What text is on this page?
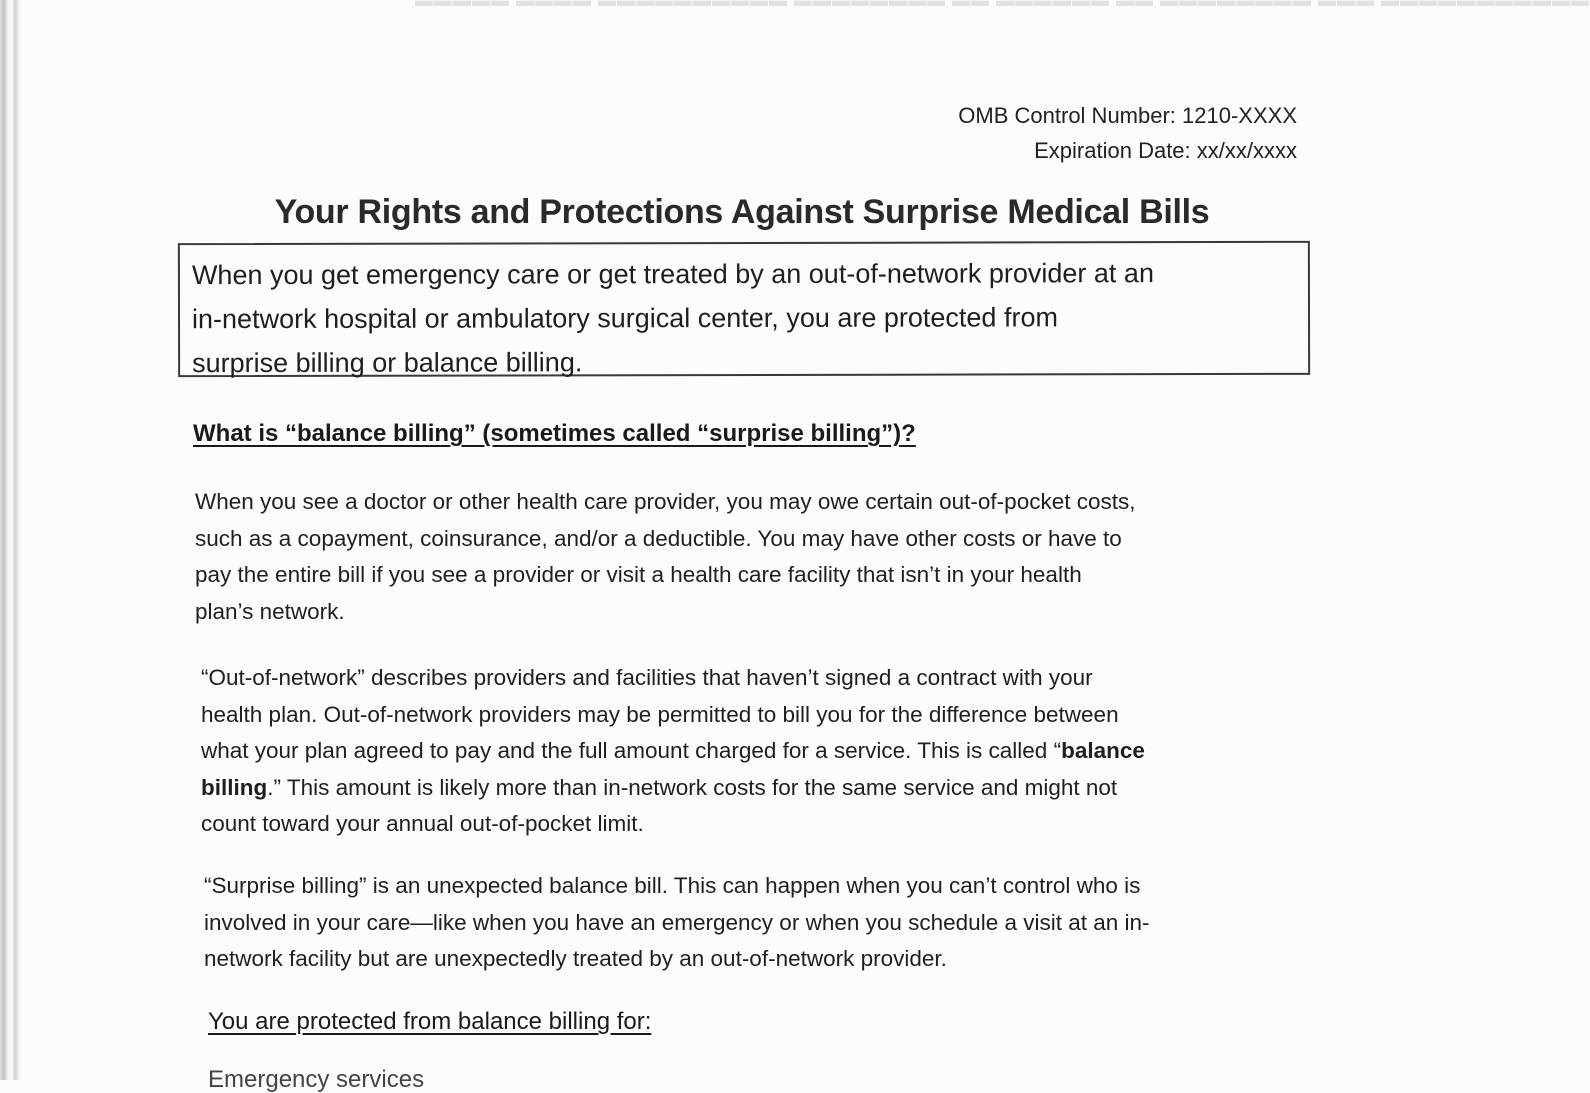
▬▬▬▬▬ ▬▬▬▬ ▬▬▬▬▬▬▬▬▬▬ ▬▬▬▬▬▬▬▬ ▬▬ ▬▬▬▬▬▬ ▬▬ ▬▬▬▬▬▬▬▬ ▬▬▬ ▬▬▬▬▬▬▬▬▬▬▬
OMB Control Number: 1210-XXXX
Expiration Date: xx/xx/xxxx
Your Rights and Protections Against Surprise Medical Bills
When you get emergency care or get treated by an out-of-network provider at an
in-network hospital or ambulatory surgical center, you are protected from
surprise billing or balance billing.
What is “balance billing” (sometimes called “surprise billing”)?
When you see a doctor or other health care provider, you may owe certain out-of-pocket costs,
such as a copayment, coinsurance, and/or a deductible. You may have other costs or have to
pay the entire bill if you see a provider or visit a health care facility that isn’t in your health
plan’s network.
“Out-of-network” describes providers and facilities that haven’t signed a contract with your
health plan. Out-of-network providers may be permitted to bill you for the difference between
what your plan agreed to pay and the full amount charged for a service. This is called “balance
billing.” This amount is likely more than in-network costs for the same service and might not
count toward your annual out-of-pocket limit.
“Surprise billing” is an unexpected balance bill. This can happen when you can’t control who is
involved in your care—like when you have an emergency or when you schedule a visit at an in-
network facility but are unexpectedly treated by an out-of-network provider.
You are protected from balance billing for:
Emergency services
